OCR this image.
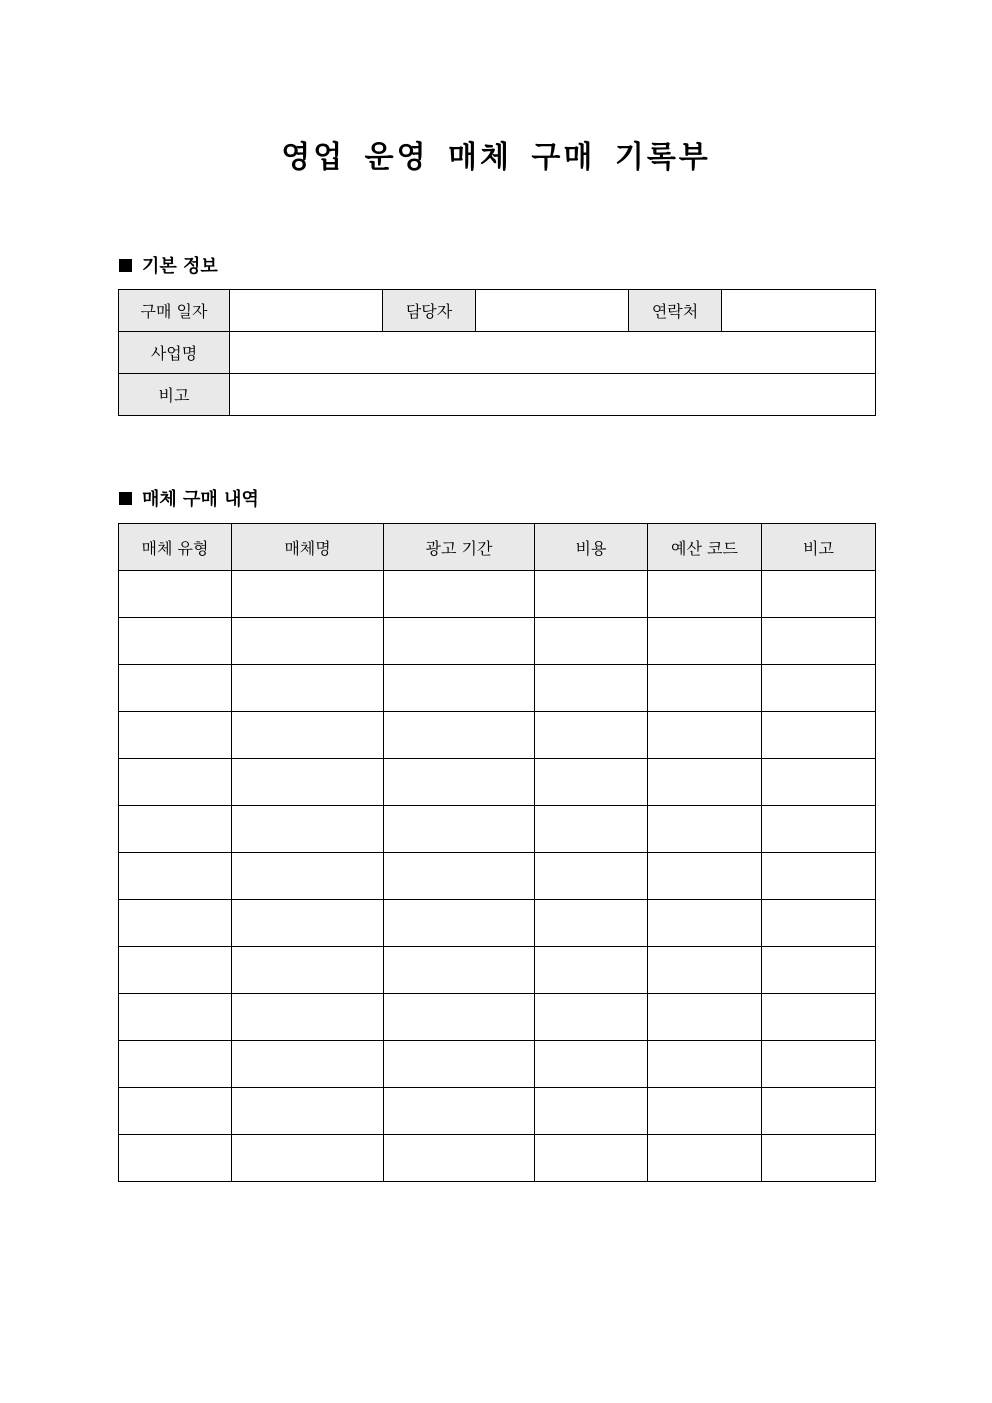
영업 운영 매체 구매 기록부
기본 정보
구매 일자		담당자		연락처	
사업명					
비고					
매체 구매 내역
매체 유형	매체명	광고 기간	비용	예산 코드	비고
